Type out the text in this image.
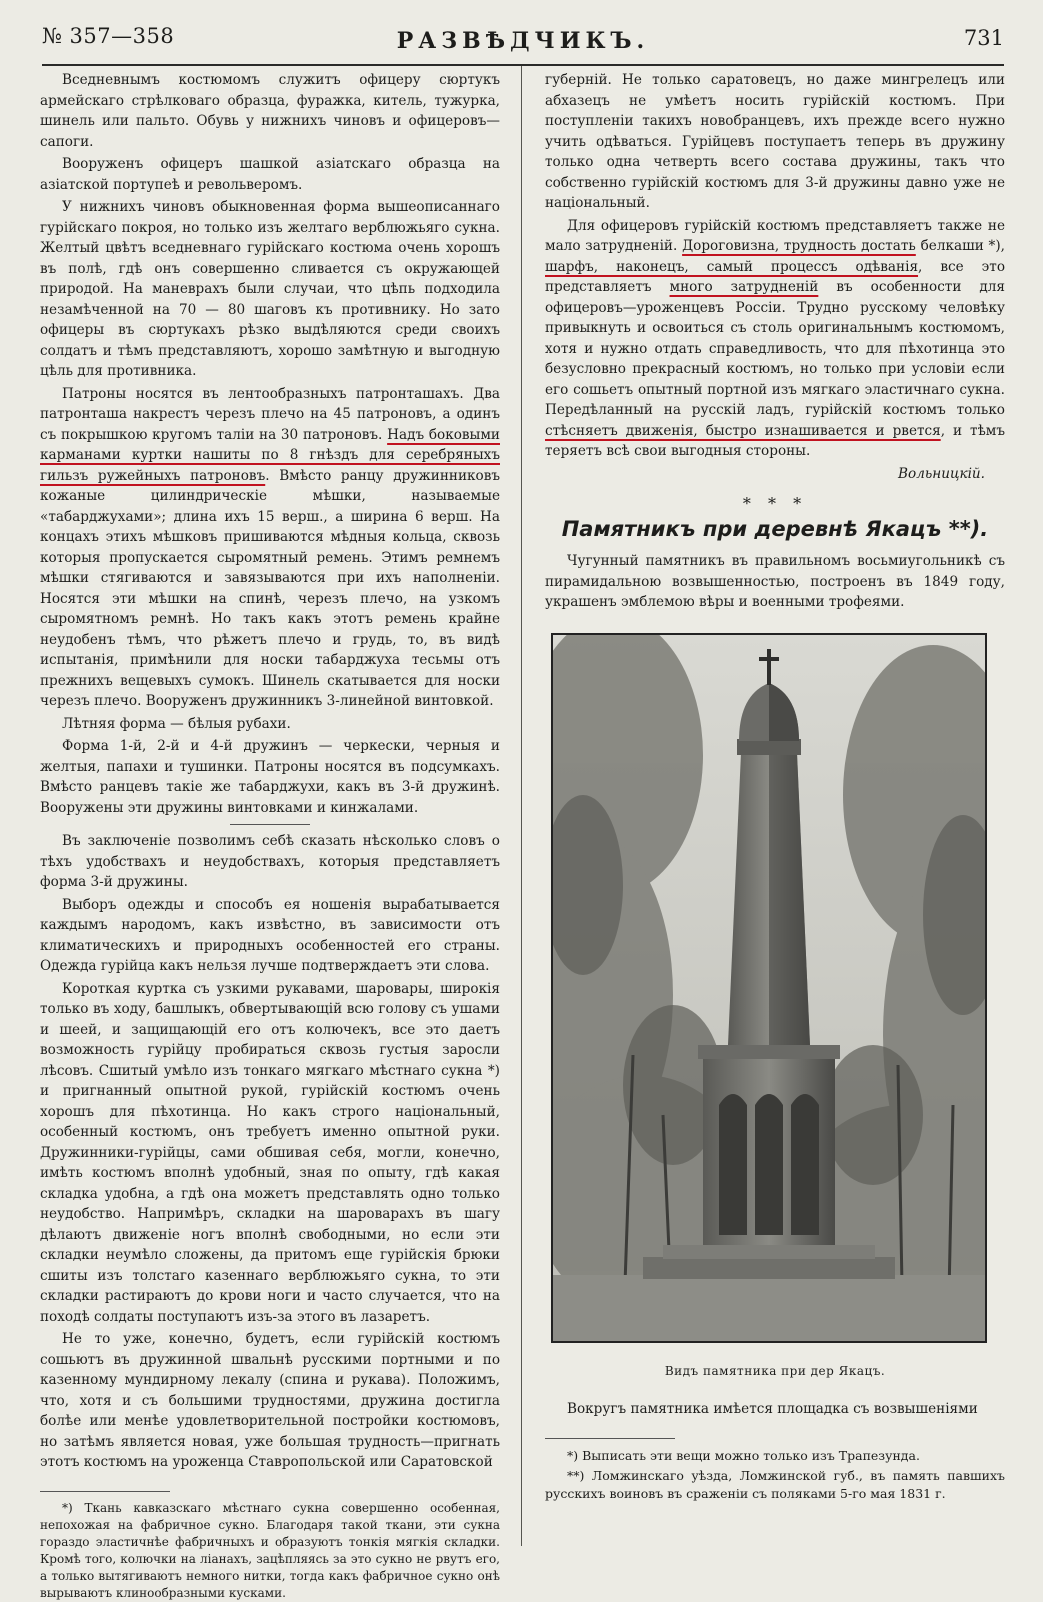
№ 357—358	РАЗВѢДЧИКЪ.	731

Вседневнымъ костюмомъ служитъ офицеру сюртукъ армейскаго стрѣлковаго образца, фуражка, китель, тужурка, шинель или пальто. Обувь у нижнихъ чиновъ и офицеровъ—сапоги.

Вооруженъ офицеръ шашкой азіатскаго образца на азіатской портупеѣ и револьверомъ.

У нижнихъ чиновъ обыкновенная форма вышеописаннаго гурійскаго покроя, но только изъ желтаго верблюжьяго сукна. Желтый цвѣтъ вседневнаго гурійскаго костюма очень хорошъ въ полѣ, гдѣ онъ совершенно сливается съ окружающей природой. На маневрахъ были случаи, что цѣпь подходила незамѣченной на 70 — 80 шаговъ къ противнику. Но зато офицеры въ сюртукахъ рѣзко выдѣляются среди своихъ солдатъ и тѣмъ представляютъ, хорошо замѣтную и выгодную цѣль для противника.

Патроны носятся въ лентообразныхъ патронташахъ. Два патронташа накрестъ черезъ плечо на 45 патроновъ, а одинъ съ покрышкою кругомъ таліи на 30 патроновъ. Надъ боковыми карманами куртки нашиты по 8 гнѣздъ для серебряныхъ гильзъ ружейныхъ патроновъ. Вмѣсто ранцу дружинниковъ кожаные цилиндрическіе мѣшки, называемые «табарджухами»; длина ихъ 15 верш., а ширина 6 верш. На концахъ этихъ мѣшковъ пришиваются мѣдныя кольца, сквозь которыя пропускается сыромятный ремень. Этимъ ремнемъ мѣшки стягиваются и завязываются при ихъ наполненіи. Носятся эти мѣшки на спинѣ, черезъ плечо, на узкомъ сыромятномъ ремнѣ. Но такъ какъ этотъ ремень крайне неудобенъ тѣмъ, что рѣжетъ плечо и грудь, то, въ видѣ испытанія, примѣнили для носки табарджуха тесьмы отъ прежнихъ вещевыхъ сумокъ. Шинель скатывается для носки черезъ плечо. Вооруженъ дружинникъ 3-линейной винтовкой.

Лѣтняя форма — бѣлыя рубахи.

Форма 1-й, 2-й и 4-й дружинъ — черкески, черныя и желтыя, папахи и тушинки. Патроны носятся въ подсумкахъ. Вмѣсто ранцевъ такіе же табарджухи, какъ въ 3-й дружинѣ. Вооружены эти дружины винтовками и кинжалами.

Въ заключеніе позволимъ себѣ сказать нѣсколько словъ о тѣхъ удобствахъ и неудобствахъ, которыя представляетъ форма 3-й дружины.

Выборъ одежды и способъ ея ношенія вырабатывается каждымъ народомъ, какъ извѣстно, въ зависимости отъ климатическихъ и природныхъ особенностей его страны. Одежда гурійца какъ нельзя лучше подтверждаетъ эти слова.

Короткая куртка съ узкими рукавами, шаровары, широкія только въ ходу, башлыкъ, обвертывающій всю голову съ ушами и шеей, и защищающій его отъ колючекъ, все это даетъ возможность гурійцу пробираться сквозь густыя заросли лѣсовъ. Сшитый умѣло изъ тонкаго мягкаго мѣстнаго сукна *) и пригнанный опытной рукой, гурійскій костюмъ очень хорошъ для пѣхотинца. Но какъ строго національный, особенный костюмъ, онъ требуетъ именно опытной руки. Дружинники-гурійцы, сами обшивая себя, могли, конечно, имѣть костюмъ вполнѣ удобный, зная по опыту, гдѣ какая складка удобна, а гдѣ она можетъ представлять одно только неудобство. Напримѣръ, складки на шароварахъ въ шагу дѣлаютъ движеніе ногъ вполнѣ свободными, но если эти складки неумѣло сложены, да притомъ еще гурійскія брюки сшиты изъ толстаго казеннаго верблюжьяго сукна, то эти складки растираютъ до крови ноги и часто случается, что на походѣ солдаты поступаютъ изъ-за этого въ лазаретъ.

Не то уже, конечно, будетъ, если гурійскій костюмъ сошьютъ въ дружинной швальнѣ русскими портными и по казенному мундирному лекалу (спина и рукава). Положимъ, что, хотя и съ большими трудностями, дружина достигла болѣе или менѣе удовлетворительной постройки костюмовъ, но затѣмъ является новая, уже большая трудность—пригнать этотъ костюмъ на уроженца Ставропольской или Саратовской

*) Ткань кавказскаго мѣстнаго сукна совершенно особенная, непохожая на фабричное сукно. Благодаря такой ткани, эти сукна гораздо эластичнѣе фабричныхъ и образуютъ тонкія мягкія складки. Кромѣ того, колючки на ліанахъ, зацѣпляясь за это сукно не рвутъ его, а только вытягиваютъ немного нитки, тогда какъ фабричное сукно онѣ вырываютъ клинообразными кусками.

губерній. Не только саратовецъ, но даже мингрелецъ или абхазецъ не умѣетъ носить гурійскій костюмъ. При поступленіи такихъ новобранцевъ, ихъ прежде всего нужно учить одѣваться. Гурійцевъ поступаетъ теперь въ дружину только одна четверть всего состава дружины, такъ что собственно гурійскій костюмъ для 3-й дружины давно уже не національный.

Для офицеровъ гурійскій костюмъ представляетъ также не мало затрудненій. Дороговизна, трудность достать белкаши *), шарфъ, наконецъ, самый процессъ одѣванія, все это представляетъ много затрудненій въ особенности для офицеровъ—уроженцевъ Россіи. Трудно русскому человѣку привыкнуть и освоиться съ столь оригинальнымъ костюмомъ, хотя и нужно отдать справедливость, что для пѣхотинца это безусловно прекрасный костюмъ, но только при условіи если его сошьетъ опытный портной изъ мягкаго эластичнаго сукна. Передѣланный на русскій ладъ, гурійскій костюмъ только стѣсняетъ движенія, быстро изнашивается и рвется, и тѣмъ теряетъ всѣ свои выгодныя стороны.

Вольницкій.
* * *
Памятникъ при деревнѣ Якацъ **).

Чугунный памятникъ въ правильномъ восьмиугольникѣ съ пирамидальною возвышенностью, построенъ въ 1849 году, украшенъ эмблемою вѣры и военными трофеями.

Видъ памятника при дер Якацъ.

Вокругъ памятника имѣется площадка съ возвышеніями

*) Выписать эти вещи можно только изъ Трапезунда.

**) Ломжинскаго уѣзда, Ломжинской губ., въ память павшихъ русскихъ воиновъ въ сраженіи съ поляками 5-го мая 1831 г.
